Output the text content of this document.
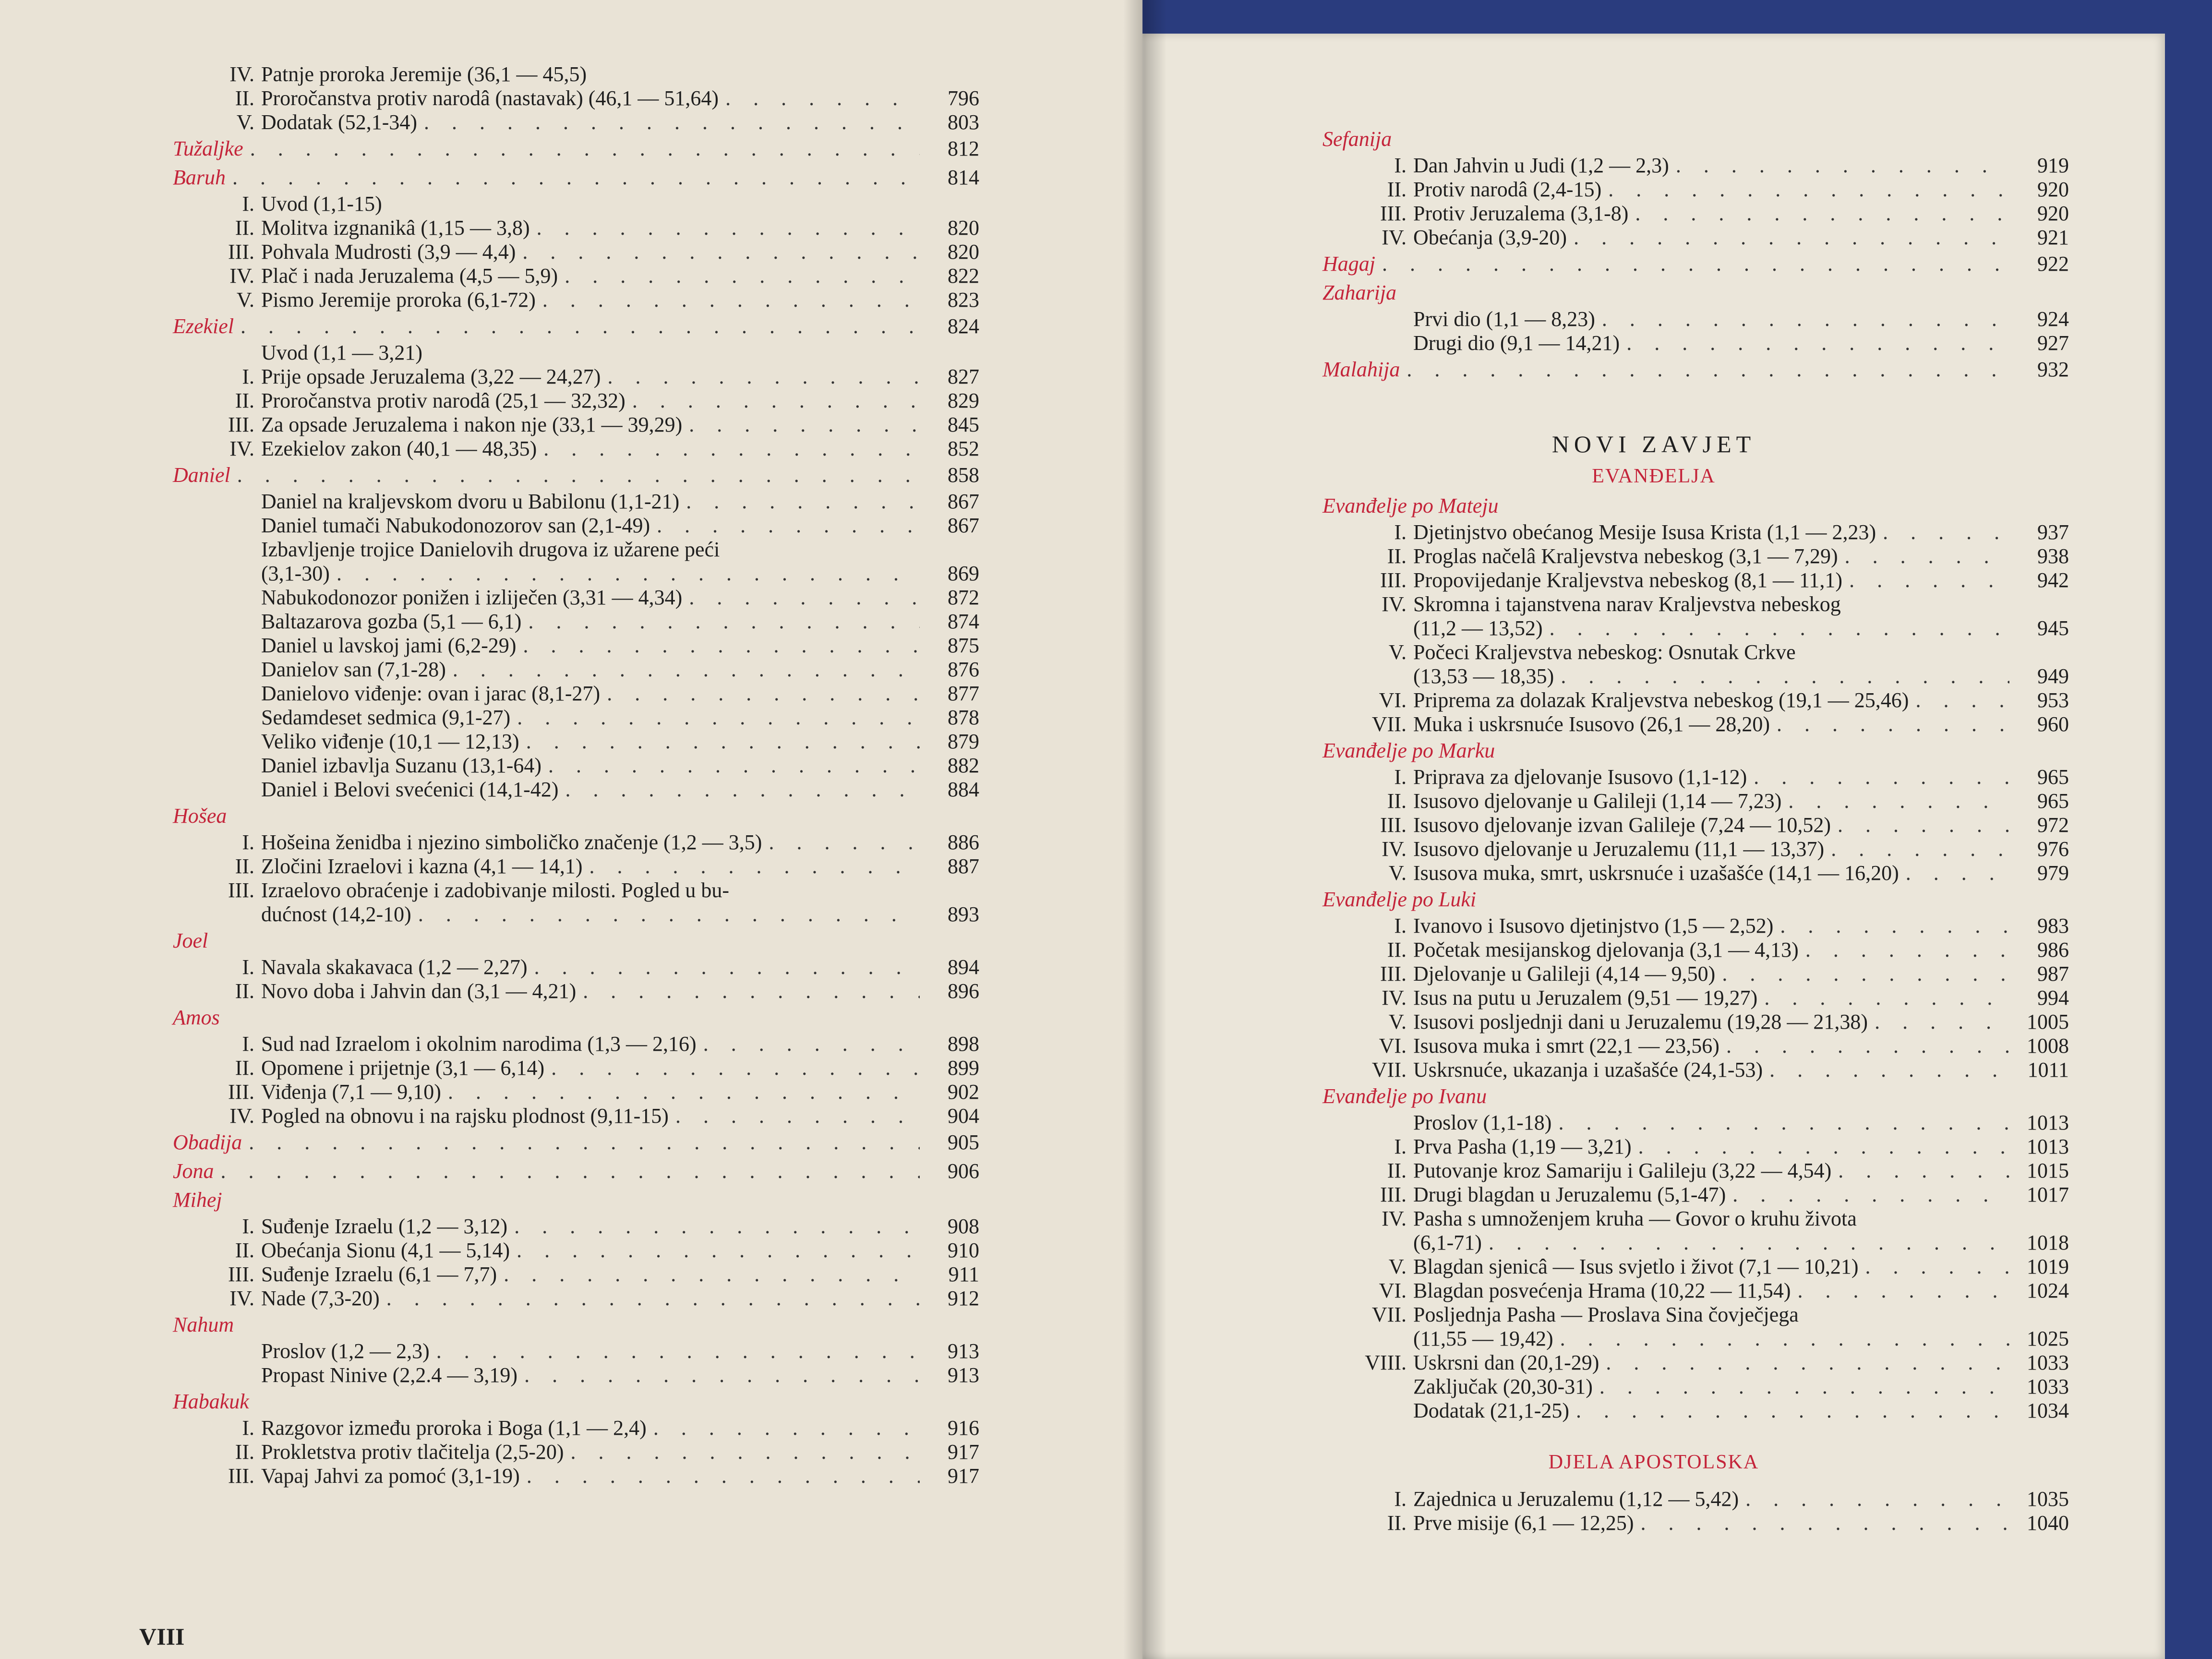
IV. Patnje proroka Jeremije (36,1 — 45,5)
II. Proročanstva protiv narodâ (nastavak) (46,1 — 51,64) . . .	796
V. Dodatak (52,1-34) . . .	803
Tužaljke . . .	812
Baruh . . .	814
I. Uvod (1,1-15)
II. Molitva izgnanikâ (1,15 — 3,8) . . .	820
III. Pohvala Mudrosti (3,9 — 4,4) . . .	820
IV. Plač i nada Jeruzalema (4,5 — 5,9) . . .	822
V. Pismo Jeremije proroka (6,1-72) . . .	823
Ezekiel . . .	824
Uvod (1,1 — 3,21)
I. Prije opsade Jeruzalema (3,22 — 24,27) . . .	827
II. Proročanstva protiv narodâ (25,1 — 32,32) . . .	829
III. Za opsade Jeruzalema i nakon nje (33,1 — 39,29) . . .	845
IV. Ezekielov zakon (40,1 — 48,35) . . .	852
Daniel . . .	858
Daniel na kraljevskom dvoru u Babilonu (1,1-21) . . .	867
Daniel tumači Nabukodonozorov san (2,1-49) . . .	867
Izbavljenje trojice Danielovih drugova iz užarene peći
(3,1-30) . . .	869
Nabukodonozor ponižen i izliječen (3,31 — 4,34) . . .	872
Baltazarova gozba (5,1 — 6,1) . . .	874
Daniel u lavskoj jami (6,2-29) . . .	875
Danielov san (7,1-28) . . .	876
Danielovo viđenje: ovan i jarac (8,1-27) . . .	877
Sedamdeset sedmica (9,1-27) . . .	878
Veliko viđenje (10,1 — 12,13) . . .	879
Daniel izbavlja Suzanu (13,1-64) . . .	882
Daniel i Belovi svećenici (14,1-42) . . .	884
Hošea
I. Hošeina ženidba i njezino simboličko značenje (1,2 — 3,5) . . .	886
II. Zločini Izraelovi i kazna (4,1 — 14,1) . . .	887
III. Izraelovo obraćenje i zadobivanje milosti. Pogled u bu-
dućnost (14,2-10) . . .	893
Joel
I. Navala skakavaca (1,2 — 2,27) . . .	894
II. Novo doba i Jahvin dan (3,1 — 4,21) . . .	896
Amos
I. Sud nad Izraelom i okolnim narodima (1,3 — 2,16) . . .	898
II. Opomene i prijetnje (3,1 — 6,14) . . .	899
III. Viđenja (7,1 — 9,10) . . .	902
IV. Pogled na obnovu i na rajsku plodnost (9,11-15) . . .	904
Obadija . . .	905
Jona . . .	906
Mihej
I. Suđenje Izraelu (1,2 — 3,12) . . .	908
II. Obećanja Sionu (4,1 — 5,14) . . .	910
III. Suđenje Izraelu (6,1 — 7,7) . . .	911
IV. Nade (7,3-20) . . .	912
Nahum
Proslov (1,2 — 2,3) . . .	913
Propast Ninive (2,2.4 — 3,19) . . .	913
Habakuk
I. Razgovor između proroka i Boga (1,1 — 2,4) . . .	916
II. Prokletstva protiv tlačitelja (2,5-20) . . .	917
III. Vapaj Jahvi za pomoć (3,1-19) . . .	917
VIII
Sefanija
I. Dan Jahvin u Judi (1,2 — 2,3) . . .	919
II. Protiv narodâ (2,4-15) . . .	920
III. Protiv Jeruzalema (3,1-8) . . .	920
IV. Obećanja (3,9-20) . . .	921
Hagaj . . .	922
Zaharija
Prvi dio (1,1 — 8,23) . . .	924
Drugi dio (9,1 — 14,21) . . .	927
Malahija . . .	932
NOVI ZAVJET
EVANĐELJA
Evanđelje po Mateju
I. Djetinjstvo obećanog Mesije Isusa Krista (1,1 — 2,23) . . .	937
II. Proglas načelâ Kraljevstva nebeskog (3,1 — 7,29) . . .	938
III. Propovijedanje Kraljevstva nebeskog (8,1 — 11,1) . . .	942
IV. Skromna i tajanstvena narav Kraljevstva nebeskog
(11,2 — 13,52) . . .	945
V. Počeci Kraljevstva nebeskog: Osnutak Crkve
(13,53 — 18,35) . . .	949
VI. Priprema za dolazak Kraljevstva nebeskog (19,1 — 25,46) . . .	953
VII. Muka i uskrsnuće Isusovo (26,1 — 28,20) . . .	960
Evanđelje po Marku
I. Priprava za djelovanje Isusovo (1,1-12) . . .	965
II. Isusovo djelovanje u Galileji (1,14 — 7,23) . . .	965
III. Isusovo djelovanje izvan Galileje (7,24 — 10,52) . . .	972
IV. Isusovo djelovanje u Jeruzalemu (11,1 — 13,37) . . .	976
V. Isusova muka, smrt, uskrsnuće i uzašašće (14,1 — 16,20) . . .	979
Evanđelje po Luki
I. Ivanovo i Isusovo djetinjstvo (1,5 — 2,52) . . .	983
II. Početak mesijanskog djelovanja (3,1 — 4,13) . . .	986
III. Djelovanje u Galileji (4,14 — 9,50) . . .	987
IV. Isus na putu u Jeruzalem (9,51 — 19,27) . . .	994
V. Isusovi posljednji dani u Jeruzalemu (19,28 — 21,38) . . .	1005
VI. Isusova muka i smrt (22,1 — 23,56) . . .	1008
VII. Uskrsnuće, ukazanja i uzašašće (24,1-53) . . .	1011
Evanđelje po Ivanu
Proslov (1,1-18) . . .	1013
I. Prva Pasha (1,19 — 3,21) . . .	1013
II. Putovanje kroz Samariju i Galileju (3,22 — 4,54) . . .	1015
III. Drugi blagdan u Jeruzalemu (5,1-47) . . .	1017
IV. Pasha s umnoženjem kruha — Govor o kruhu života
(6,1-71) . . .	1018
V. Blagdan sjenicâ — Isus svjetlo i život (7,1 — 10,21) . . .	1019
VI. Blagdan posvećenja Hrama (10,22 — 11,54) . . .	1024
VII. Posljednja Pasha — Proslava Sina čovječjega
(11,55 — 19,42) . . .	1025
VIII. Uskrsni dan (20,1-29) . . .	1033
Zaključak (20,30-31) . . .	1033
Dodatak (21,1-25) . . .	1034
DJELA APOSTOLSKA
I. Zajednica u Jeruzalemu (1,12 — 5,42) . . .	1035
II. Prve misije (6,1 — 12,25) . . .	1040
